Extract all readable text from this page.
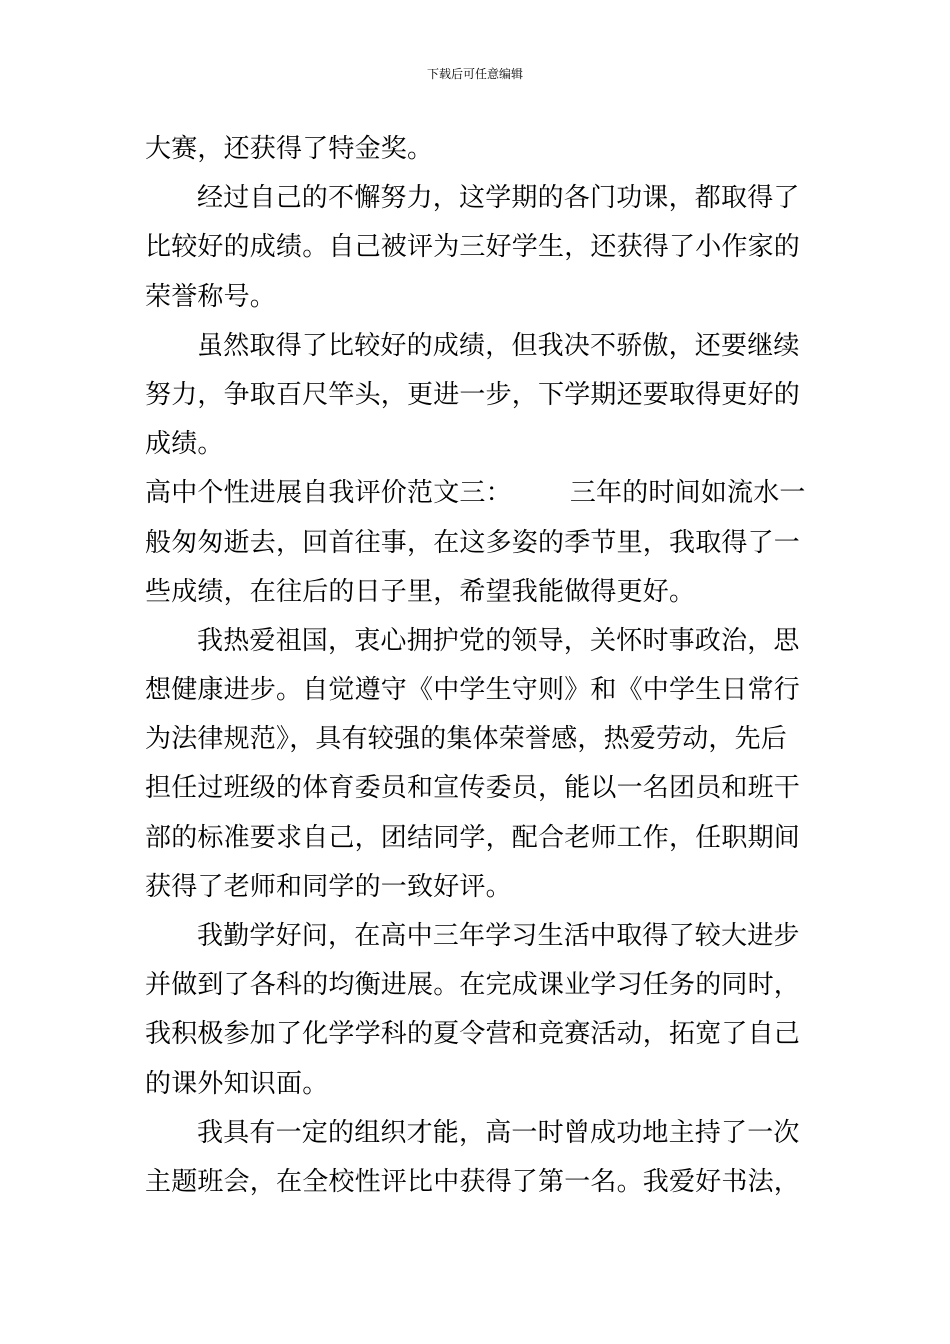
下载后可任意编辑
大赛，还获得了特金奖。
经过自己的不懈努力，这学期的各门功课，都取得了
比较好的成绩。自己被评为三好学生，还获得了小作家的
荣誉称号。
虽然取得了比较好的成绩，但我决不骄傲，还要继续
努力，争取百尺竿头，更进一步，下学期还要取得更好的
成绩。
高中个性进展自我评价范文三： 三年的时间如流水一
般匆匆逝去，回首往事，在这多姿的季节里，我取得了一
些成绩，在往后的日子里，希望我能做得更好。
我热爱祖国，衷心拥护党的领导，关怀时事政治，思
想健康进步。自觉遵守《中学生守则》和《中学生日常行
为法律规范》，具有较强的集体荣誉感，热爱劳动，先后
担任过班级的体育委员和宣传委员，能以一名团员和班干
部的标准要求自己，团结同学，配合老师工作，任职期间
获得了老师和同学的一致好评。
我勤学好问，在高中三年学习生活中取得了较大进步
并做到了各科的均衡进展。在完成课业学习任务的同时，
我积极参加了化学学科的夏令营和竞赛活动，拓宽了自己
的课外知识面。
我具有一定的组织才能，高一时曾成功地主持了一次
主题班会，在全校性评比中获得了第一名。我爱好书法，
